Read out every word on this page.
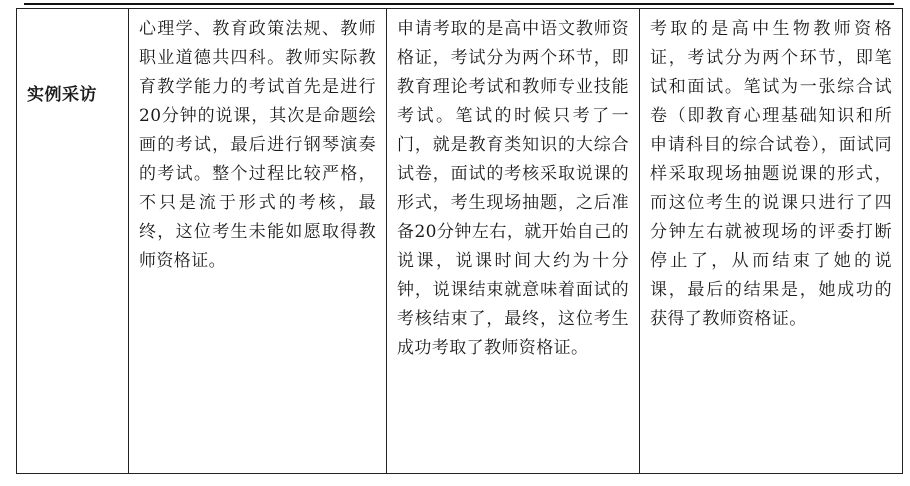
实例采访	心理学、教育政策法规、教师职业道德共四科。教师实际教育教学能力的考试首先是进行20分钟的说课，其次是命题绘画的考试，最后进行钢琴演奏的考试。整个过程比较严格，不只是流于形式的考核，最终，这位考生未能如愿取得教师资格证。	申请考取的是高中语文教师资格证，考试分为两个环节，即教育理论考试和教师专业技能考试。笔试的时候只考了一门，就是教育类知识的大综合试卷，面试的考核采取说课的形式，考生现场抽题，之后准备20分钟左右，就开始自己的说课，说课时间大约为十分钟，说课结束就意味着面试的考核结束了，最终，这位考生成功考取了教师资格证。	考取的是高中生物教师资格证，考试分为两个环节，即笔试和面试。笔试为一张综合试卷（即教育心理基础知识和所申请科目的综合试卷），面试同样采取现场抽题说课的形式，而这位考生的说课只进行了四分钟左右就被现场的评委打断停止了，从而结束了她的说课，最后的结果是，她成功的获得了教师资格证。
